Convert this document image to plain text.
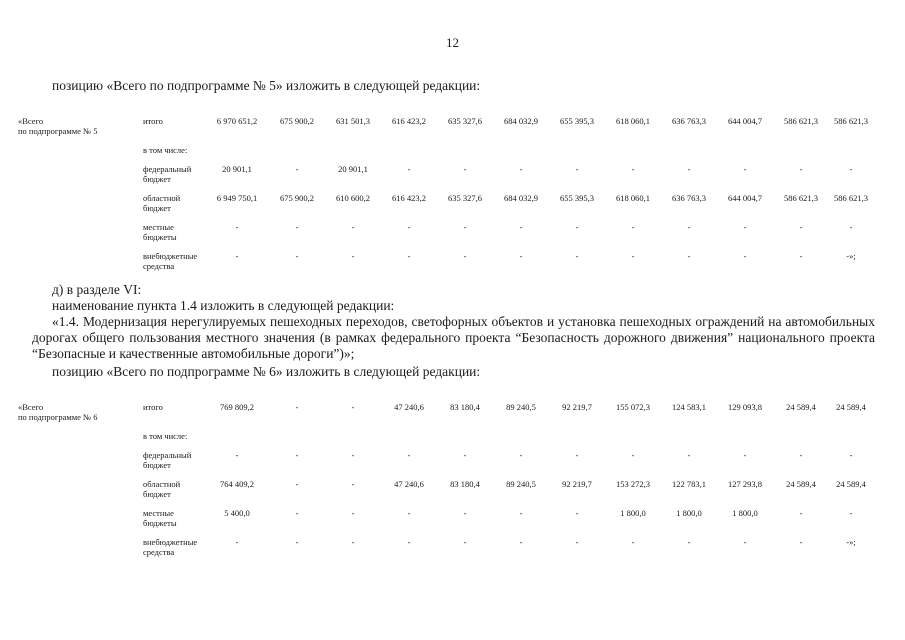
12
позицию «Всего по подпрограмме № 5» изложить в следующей редакции:
«Всего
по подпрограмме № 5	итого	6 970 651,2	675 900,2	631 501,3	616 423,2	635 327,6	684 032,9	655 395,3	618 060,1	636 763,3	644 004,7	586 621,3	586 621,3

	в том числе:												

	федеральный
бюджет	20 901,1	-	20 901,1	-	-	-	-	-	-	-	-	-

	областной
бюджет	6 949 750,1	675 900,2	610 600,2	616 423,2	635 327,6	684 032,9	655 395,3	618 060,1	636 763,3	644 004,7	586 621,3	586 621,3

	местные
бюджеты	-	-	-	-	-	-	-	-	-	-	-	-

	внебюджетные
средства	-	-	-	-	-	-	-	-	-	-	-	-»;
д) в разделе VI:
наименование пункта 1.4 изложить в следующей редакции:
«1.4. Модернизация нерегулируемых пешеходных переходов, светофорных объектов и установка пешеходных ограждений на автомобильных дорогах общего пользования местного значения (в рамках федерального проекта “Безопасность дорожного движения” национального проекта “Безопасные и качественные автомобильные дороги”)»;
позицию «Всего по подпрограмме № 6» изложить в следующей редакции:
«Всего
по подпрограмме № 6	итого	769 809,2	-	-	47 240,6	83 180,4	89 240,5	92 219,7	155 072,3	124 583,1	129 093,8	24 589,4	24 589,4

	в том числе:												

	федеральный
бюджет	-	-	-	-	-	-	-	-	-	-	-	-

	областной
бюджет	764 409,2	-	-	47 240,6	83 180,4	89 240,5	92 219,7	153 272,3	122 783,1	127 293,8	24 589,4	24 589,4

	местные
бюджеты	5 400,0	-	-	-	-	-	-	1 800,0	1 800,0	1 800,0	-	-

	внебюджетные
средства	-	-	-	-	-	-	-	-	-	-	-	-»;
